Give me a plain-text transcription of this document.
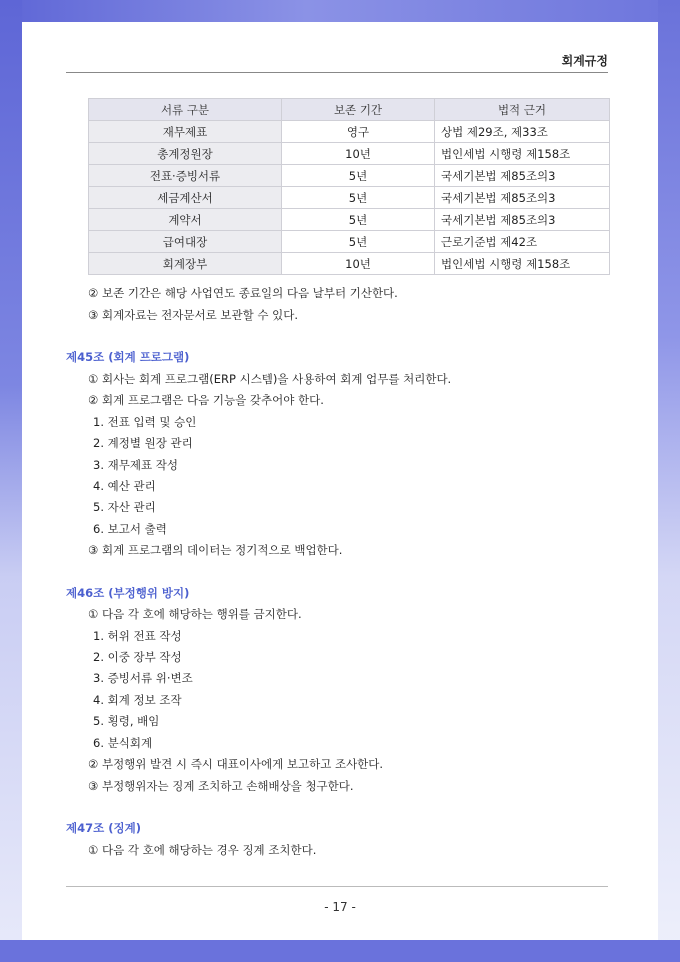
회계규정
서류 구분	보존 기간	법적 근거
재무제표	영구	상법 제29조, 제33조
총계정원장	10년	법인세법 시행령 제158조
전표·증빙서류	5년	국세기본법 제85조의3
세금계산서	5년	국세기본법 제85조의3
계약서	5년	국세기본법 제85조의3
급여대장	5년	근로기준법 제42조
회계장부	10년	법인세법 시행령 제158조
② 보존 기간은 해당 사업연도 종료일의 다음 날부터 기산한다.
③ 회계자료는 전자문서로 보관할 수 있다.
제45조 (회계 프로그램)
① 회사는 회계 프로그램(ERP 시스템)을 사용하여 회계 업무를 처리한다.
② 회계 프로그램은 다음 기능을 갖추어야 한다.
1. 전표 입력 및 승인
2. 계정별 원장 관리
3. 재무제표 작성
4. 예산 관리
5. 자산 관리
6. 보고서 출력
③ 회계 프로그램의 데이터는 정기적으로 백업한다.
제46조 (부정행위 방지)
① 다음 각 호에 해당하는 행위를 금지한다.
1. 허위 전표 작성
2. 이중 장부 작성
3. 증빙서류 위·변조
4. 회계 정보 조작
5. 횡령, 배임
6. 분식회계
② 부정행위 발견 시 즉시 대표이사에게 보고하고 조사한다.
③ 부정행위자는 징계 조치하고 손해배상을 청구한다.
제47조 (징계)
① 다음 각 호에 해당하는 경우 징계 조치한다.
- 17 -
